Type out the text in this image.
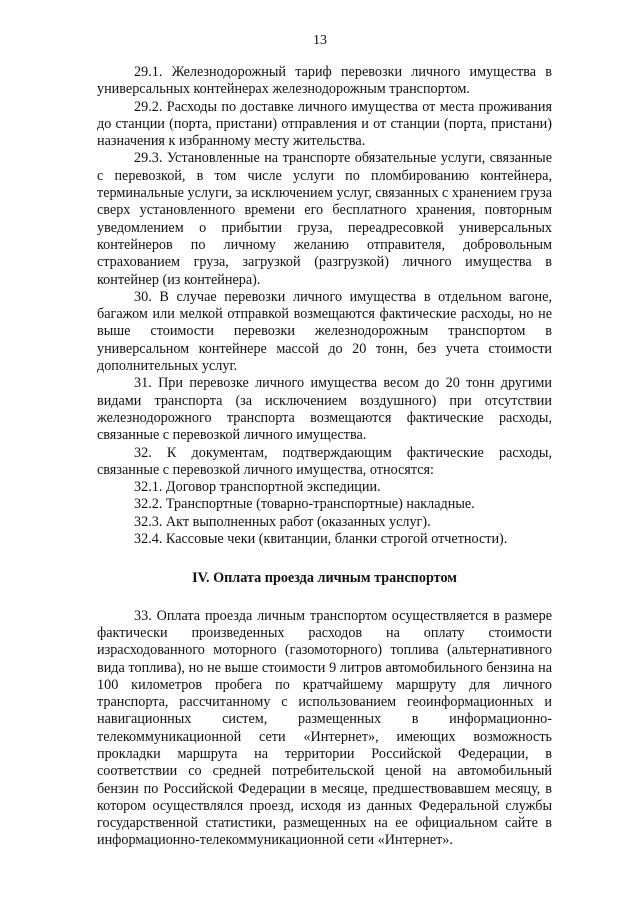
13

29.1. Железнодорожный тариф перевозки личного имущества в универсальных контейнерах железнодорожным транспортом.

29.2. Расходы по доставке личного имущества от места проживания до станции (порта, пристани) отправления и от станции (порта, пристани) назначения к избранному месту жительства.

29.3. Установленные на транспорте обязательные услуги, связанные с перевозкой, в том числе услуги по пломбированию контейнера, терминальные услуги, за исключением услуг, связанных с хранением груза сверх установленного времени его бесплатного хранения, повторным уведомлением о прибытии груза, переадресовкой универсальных контейнеров по личному желанию отправителя, добровольным страхованием груза, загрузкой (разгрузкой) личного имущества в контейнер (из контейнера).

30. В случае перевозки личного имущества в отдельном вагоне, багажом или мелкой отправкой возмещаются фактические расходы, но не выше стоимости перевозки железнодорожным транспортом в универсальном контейнере массой до 20 тонн, без учета стоимости дополнительных услуг.

31. При перевозке личного имущества весом до 20 тонн другими видами транспорта (за исключением воздушного) при отсутствии железнодорожного транспорта возмещаются фактические расходы, связанные с перевозкой личного имущества.

32. К документам, подтверждающим фактические расходы, связанные с перевозкой личного имущества, относятся:

32.1. Договор транспортной экспедиции.

32.2. Транспортные (товарно-транспортные) накладные.

32.3. Акт выполненных работ (оказанных услуг).

32.4. Кассовые чеки (квитанции, бланки строгой отчетности).

IV. Оплата проезда личным транспортом

33. Оплата проезда личным транспортом осуществляется в размере фактически произведенных расходов на оплату стоимости израсходованного моторного (газомоторного) топлива (альтернативного вида топлива), но не выше стоимости 9 литров автомобильного бензина на 100 километров пробега по кратчайшему маршруту для личного транспорта, рассчитанному с использованием геоинформационных и навигационных систем, размещенных в информационно-телекоммуникационной сети «Интернет», имеющих возможность прокладки маршрута на территории Российской Федерации, в соответствии со средней потребительской ценой на автомобильный бензин по Российской Федерации в месяце, предшествовавшем месяцу, в котором осуществлялся проезд, исходя из данных Федеральной службы государственной статистики, размещенных на ее официальном сайте в информационно-телекоммуникационной сети «Интернет».
